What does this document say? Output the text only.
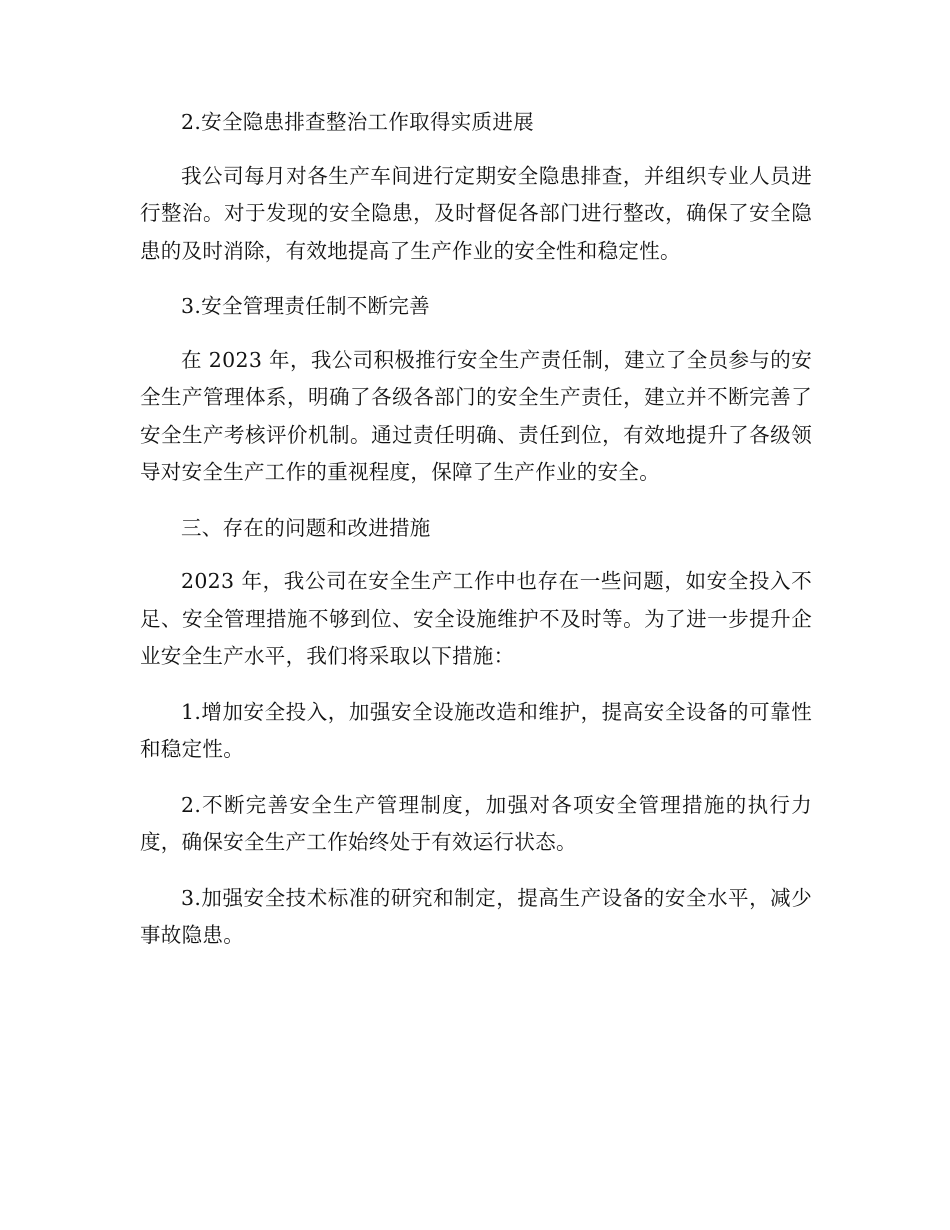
2.安全隐患排查整治工作取得实质进展

我公司每月对各生产车间进行定期安全隐患排查，并组织专业人员进行整治。对于发现的安全隐患，及时督促各部门进行整改，确保了安全隐患的及时消除，有效地提高了生产作业的安全性和稳定性。

3.安全管理责任制不断完善

在 2023 年，我公司积极推行安全生产责任制，建立了全员参与的安全生产管理体系，明确了各级各部门的安全生产责任，建立并不断完善了安全生产考核评价机制。通过责任明确、责任到位，有效地提升了各级领导对安全生产工作的重视程度，保障了生产作业的安全。

三、存在的问题和改进措施

2023 年，我公司在安全生产工作中也存在一些问题，如安全投入不足、安全管理措施不够到位、安全设施维护不及时等。为了进一步提升企业安全生产水平，我们将采取以下措施：

1.增加安全投入，加强安全设施改造和维护，提高安全设备的可靠性和稳定性。

2.不断完善安全生产管理制度，加强对各项安全管理措施的执行力度，确保安全生产工作始终处于有效运行状态。

3.加强安全技术标准的研究和制定，提高生产设备的安全水平，减少事故隐患。
